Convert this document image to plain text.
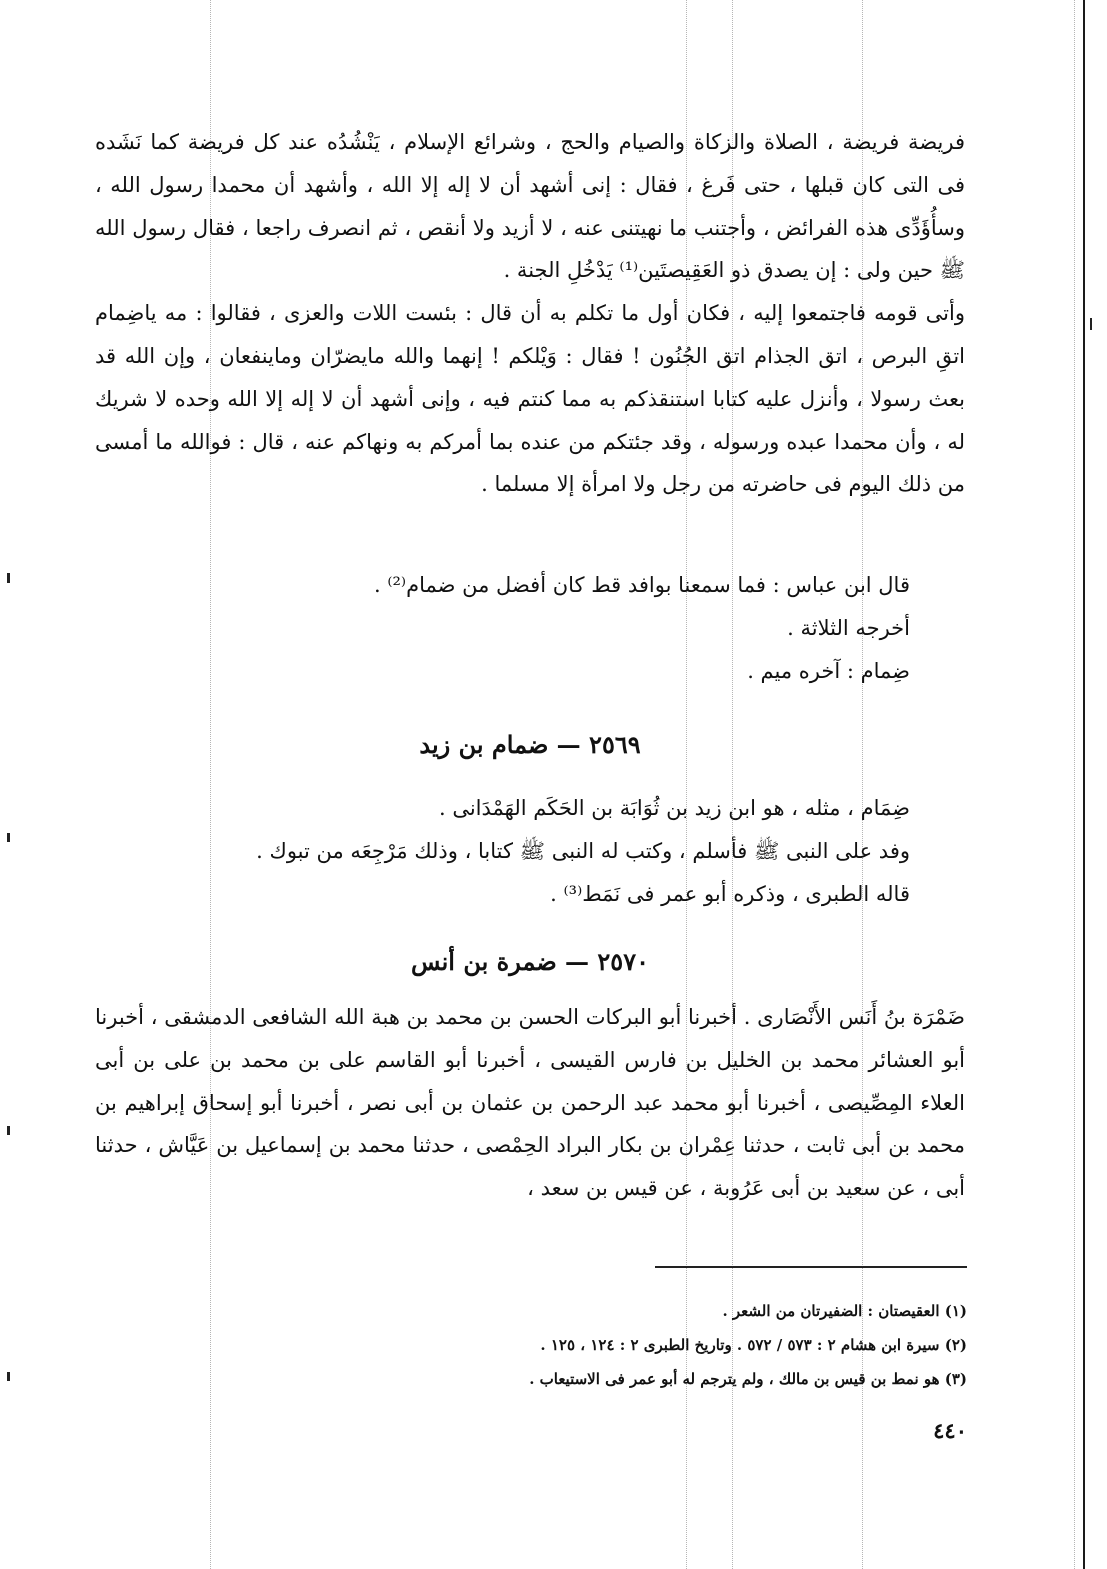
فريضة فريضة ، الصلاة والزكاة والصيام والحج ، وشرائع الإسلام ، يَنْشُدُه عند كل فريضة كما نَشَده فى التى كان قبلها ، حتى فَرغ ، فقال : إنى أشهد أن لا إله إلا الله ، وأشهد أن محمدا رسول الله ، وسأُؤَدِّى هذه الفرائض ، وأجتنب ما نهيتنى عنه ، لا أزيد ولا أنقص ، ثم انصرف راجعا ، فقال رسول الله ﷺ حين ولى : إن يصدق ذو العَقِيصتَين⁽¹⁾ يَدْخُلِ الجنة .

وأتى قومه فاجتمعوا إليه ، فكان أول ما تكلم به أن قال : بئست اللات والعزى ، فقالوا : مه ياضِمام اتقِ البرص ، اتق الجذام اتق الجُنُون ! فقال : وَيْلكم ! إنهما والله مايضرّان وماينفعان ، وإن الله قد بعث رسولا ، وأنزل عليه كتابا استنقذكم به مما كنتم فيه ، وإنى أشهد أن لا إله إلا الله وحده لا شريك له ، وأن محمدا عبده ورسوله ، وقد جئتكم من عنده بما أمركم به ونهاكم عنه ، قال : فوالله ما أمسى من ذلك اليوم فى حاضرته من رجل ولا امرأة إلا مسلما .

قال ابن عباس : فما سمعنا بوافد قط كان أفضل من ضمام⁽²⁾ .

أخرجه الثلاثة .

ضِمام : آخره ميم .

٢٥٦٩ — ضمام بن زيد

ضِمَام ، مثله ، هو ابن زيد بن ثُوَابَة بن الحَكَم الهَمْدَانى .

وفد على النبى ﷺ فأسلم ، وكتب له النبى ﷺ كتابا ، وذلك مَرْجِعَه من تبوك .

قاله الطبرى ، وذكره أبو عمر فى نَمَط⁽³⁾ .

٢٥٧٠ — ضمرة بن أنس

ضَمْرَة بنُ أَنَس الأَنْصَارى . أخبرنا أبو البركات الحسن بن محمد بن هبة الله الشافعى الدمشقى ، أخبرنا أبو العشائر محمد بن الخليل بن فارس القيسى ، أخبرنا أبو القاسم على بن محمد بن على بن أبى العلاء المِصِّيصى ، أخبرنا أبو محمد عبد الرحمن بن عثمان بن أبى نصر ، أخبرنا أبو إسحاق إبراهيم بن محمد بن أبى ثابت ، حدثنا عِمْران بن بكار البراد الحِمْصى ، حدثنا محمد بن إسماعيل بن عَيَّاش ، حدثنا أبى ، عن سعيد بن أبى عَرُوبة ، عن قيس بن سعد ،

(١) العقيصتان : الضفيرتان من الشعر .

(٢) سيرة ابن هشام ٢ : ٥٧٣ / ٥٧٢ . وتاريخ الطبرى ٢ : ١٢٤ ، ١٢٥ .

(٣) هو نمط بن قيس بن مالك ، ولم يترجم له أبو عمر فى الاستيعاب .

٤٤٠
